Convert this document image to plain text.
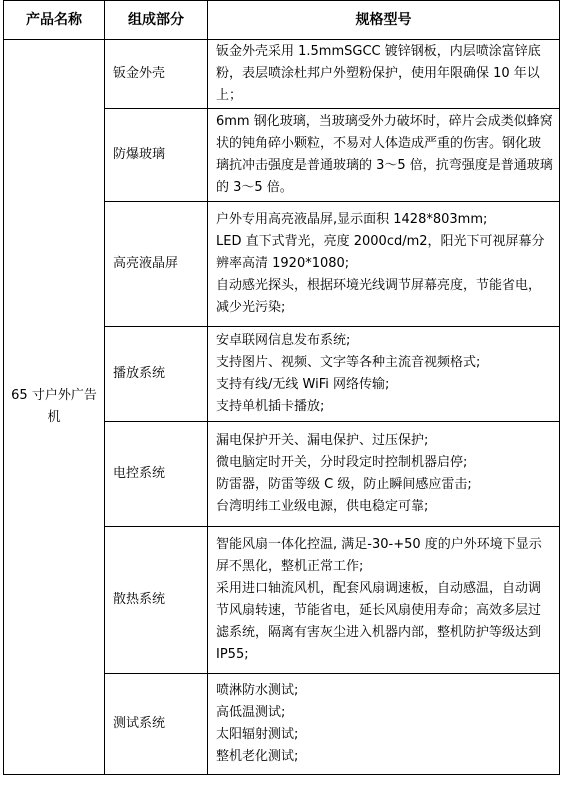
产品名称	组成部分	规格型号
65 寸户外广告机	钣金外壳	钣金外壳采用 1.5mmSGCC 镀锌钢板，内层喷涂富锌底粉，表层喷涂杜邦户外塑粉保护，使用年限确保 10 年以上；

	防爆玻璃	6mm 钢化玻璃，当玻璃受外力破坏时，碎片会成类似蜂窝状的钝角碎小颗粒，不易对人体造成严重的伤害。钢化玻璃抗冲击强度是普通玻璃的 3～5 倍，抗弯强度是普通玻璃的 3～5 倍。

	高亮液晶屏	户外专用高亮液晶屏,显示面积 1428*803mm;
LED 直下式背光，亮度 2000cd/m2，阳光下可视屏幕分辨率高清 1920*1080;
自动感光探头，根据环境光线调节屏幕亮度，节能省电，减少光污染;

	播放系统	安卓联网信息发布系统;
支持图片、视频、文字等各种主流音视频格式;
支持有线/无线 WiFi 网络传输;
支持单机插卡播放;

	电控系统	漏电保护开关、漏电保护、过压保护;
微电脑定时开关，分时段定时控制机器启停;
防雷器，防雷等级 C 级，防止瞬间感应雷击;
台湾明纬工业级电源，供电稳定可靠;

	散热系统	智能风扇一体化控温, 满足-30-+50 度的户外环境下显示屏不黑化，整机正常工作;
采用进口轴流风机，配套风扇调速板，自动感温，自动调节风扇转速，节能省电，延长风扇使用寿命；高效多层过滤系统，隔离有害灰尘进入机器内部，整机防护等级达到 IP55;

	测试系统	喷淋防水测试;
高低温测试;
太阳辐射测试;
整机老化测试;
